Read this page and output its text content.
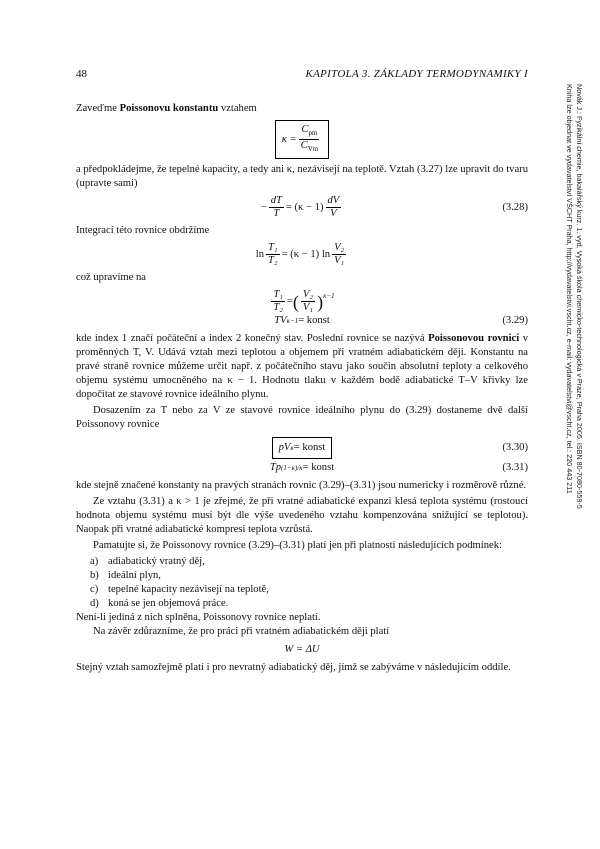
48	KAPITOLA 3. ZÁKLADY TERMODYNAMIKY I
Novák J.: Fyzikální chemie, bakalářský kurz. 1. vyd. Vysoká škola chemicko-technologická v Praze, Praha 2005. ISBN 80-7080-559-5
Kniha lze objednat ve vydavatelství VŠCHT Praha, http://vydavatelstvi.vscht.cz, e-mail: vydavatelstvi@vscht.cz, tel.: 220 443 211

Zaveďme Poissonovu konstantu vztahem

$\kappa = \frac{C_{pm}}{C_{Vm}}$

a předpokládejme, že tepelné kapacity, a tedy ani κ, nezávisejí na teplotě. Vztah (3.27) lze upravit do tvaru (upravte sami)

− $\frac{dT}{T} = (\kappa - 1) \frac{dV}{V}$	(3.28)

Integrací této rovnice obdržíme

$\ln \frac{\text{T₁}}{\text{T₂}} = (\kappa - 1)$ $\ln \frac{\text{V₂}}{\text{V₁}}$

což upravíme na

$\frac{\text{T₁}}{\text{T₂}}$ = ( $\frac{\text{V₂}}{\text{V₁}} )^{\kappa-1}$
TV κ−1 = konst	(3.29)

kde index 1 značí počáteční a index 2 konečný stav. Poslední rovnice se nazývá Poissonovou rovnicí v proměnných T, V. Udává vztah mezi teplotou a objemem při vratném adiabatickém ději. Konstantu na pravé straně rovnice můžeme určit např. z počátečního stavu jako součin absolutní teploty a celkového objemu systému umocněného na κ − 1. Hodnotu tlaku v každém bodě adiabatické T–V křivky lze dopočítat ze stavové rovnice ideálního plynu.

Dosazením za T nebo za V ze stavové rovnice ideálního plynu do (3.29) dostaneme dvě další Poissonovy rovnice

pV κ = konst	(3.30)
Tp (1−κ)/κ = konst	(3.31)

kde stejně značené konstanty na pravých stranách rovnic (3.29)–(3.31) jsou numericky i rozměrově různé.

Ze vztahu (3.31) a κ > 1 je zřejmé, že při vratné adiabatické expanzi klesá teplota systému (rostoucí hodnota objemu systému musí být dle výše uvedeného vztahu kompenzována snižující se teplotou). Naopak při vratné adiabatické kompresi teplota vzrůstá.

Pamatujte si, že Poissonovy rovnice (3.29)–(3.31) platí jen při platnosti následujících podmínek:

a) adiabatický vratný děj,
b) ideální plyn,
c) tepelné kapacity nezávisejí na teplotě,
d) koná se jen objemová práce.

Není-li jediná z nich splněna, Poissonovy rovnice neplatí.

Na závěr zdůrazníme, že pro práci při vratném adiabatickém ději platí

W = ΔU

Stejný vztah samozřejmě platí i pro nevratný adiabatický děj, jímž se zabýváme v následujícím oddíle.
